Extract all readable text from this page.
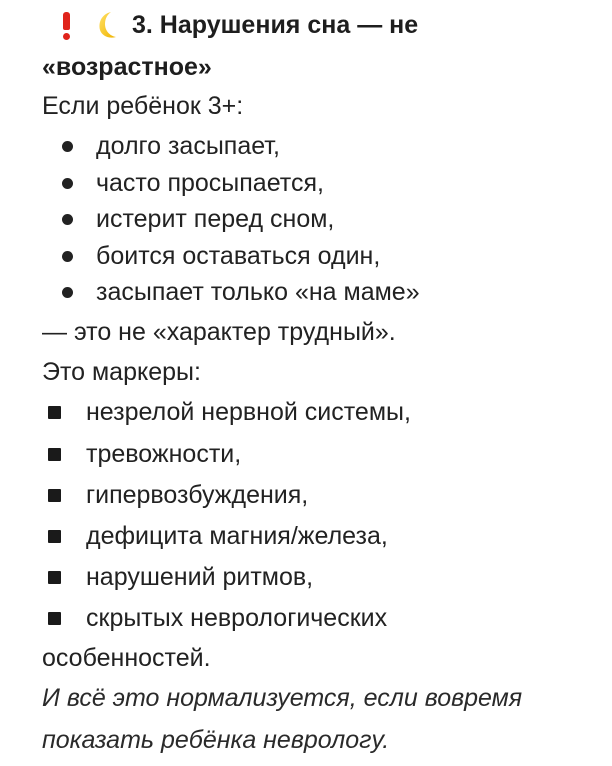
3. Нарушения сна — не
«возрастное»
Если ребёнок 3+:
долго засыпает,
часто просыпается,
истерит перед сном,
боится оставаться один,
засыпает только «на маме»
— это не «характер трудный».
Это маркеры:
незрелой нервной системы,
тревожности,
гипервозбуждения,
дефицита магния/железа,
нарушений ритмов,
скрытых неврологических
особенностей.
И всё это нормализуется, если вовремя
показать ребёнка неврологу.
